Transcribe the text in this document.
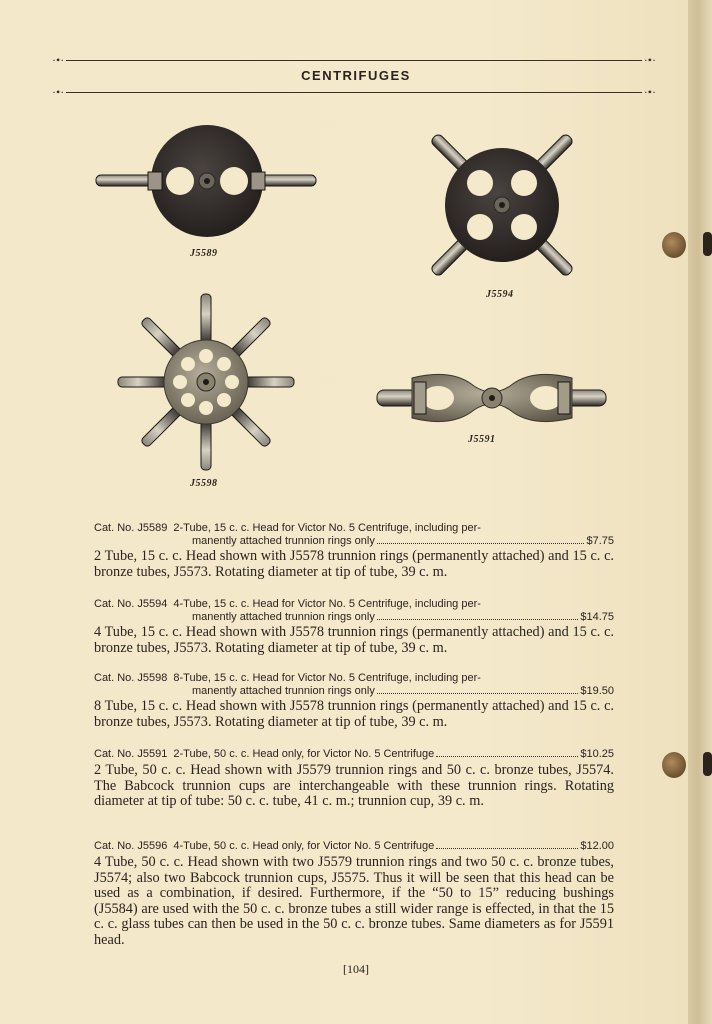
·•·	·•·
CENTRIFUGES
·•·	·•·
J5589
J5594
J5598
J5591
Cat. No. J5589 2-Tube, 15 c. c. Head for Victor No. 5 Centrifuge, including per-
manently attached trunnion rings only	$7.75
2 Tube, 15 c. c. Head shown with J5578 trunnion rings (permanently attached) and 15 c. c. bronze tubes, J5573. Rotating diameter at tip of tube, 39 c. m.
Cat. No. J5594 4-Tube, 15 c. c. Head for Victor No. 5 Centrifuge, including per-
manently attached trunnion rings only	$14.75
4 Tube, 15 c. c. Head shown with J5578 trunnion rings (permanently attached) and 15 c. c. bronze tubes, J5573. Rotating diameter at tip of tube, 39 c. m.
Cat. No. J5598 8-Tube, 15 c. c. Head for Victor No. 5 Centrifuge, including per-
manently attached trunnion rings only	$19.50
8 Tube, 15 c. c. Head shown with J5578 trunnion rings (permanently attached) and 15 c. c. bronze tubes, J5573. Rotating diameter at tip of tube, 39 c. m.
Cat. No. J5591 2-Tube, 50 c. c. Head only, for Victor No. 5 Centrifuge	$10.25
2 Tube, 50 c. c. Head shown with J5579 trunnion rings and 50 c. c. bronze tubes, J5574. The Babcock trunnion cups are interchangeable with these trunnion rings. Rotating diameter at tip of tube: 50 c. c. tube, 41 c. m.; trunnion cup, 39 c. m.
Cat. No. J5596 4-Tube, 50 c. c. Head only, for Victor No. 5 Centrifuge	$12.00
4 Tube, 50 c. c. Head shown with two J5579 trunnion rings and two 50 c. c. bronze tubes, J5574; also two Babcock trunnion cups, J5575. Thus it will be seen that this head can be used as a combination, if desired. Furthermore, if the “50 to 15” reducing bushings (J5584) are used with the 50 c. c. bronze tubes a still wider range is effected, in that the 15 c. c. glass tubes can then be used in the 50 c. c. bronze tubes. Same diameters as for J5591 head.
[104]
